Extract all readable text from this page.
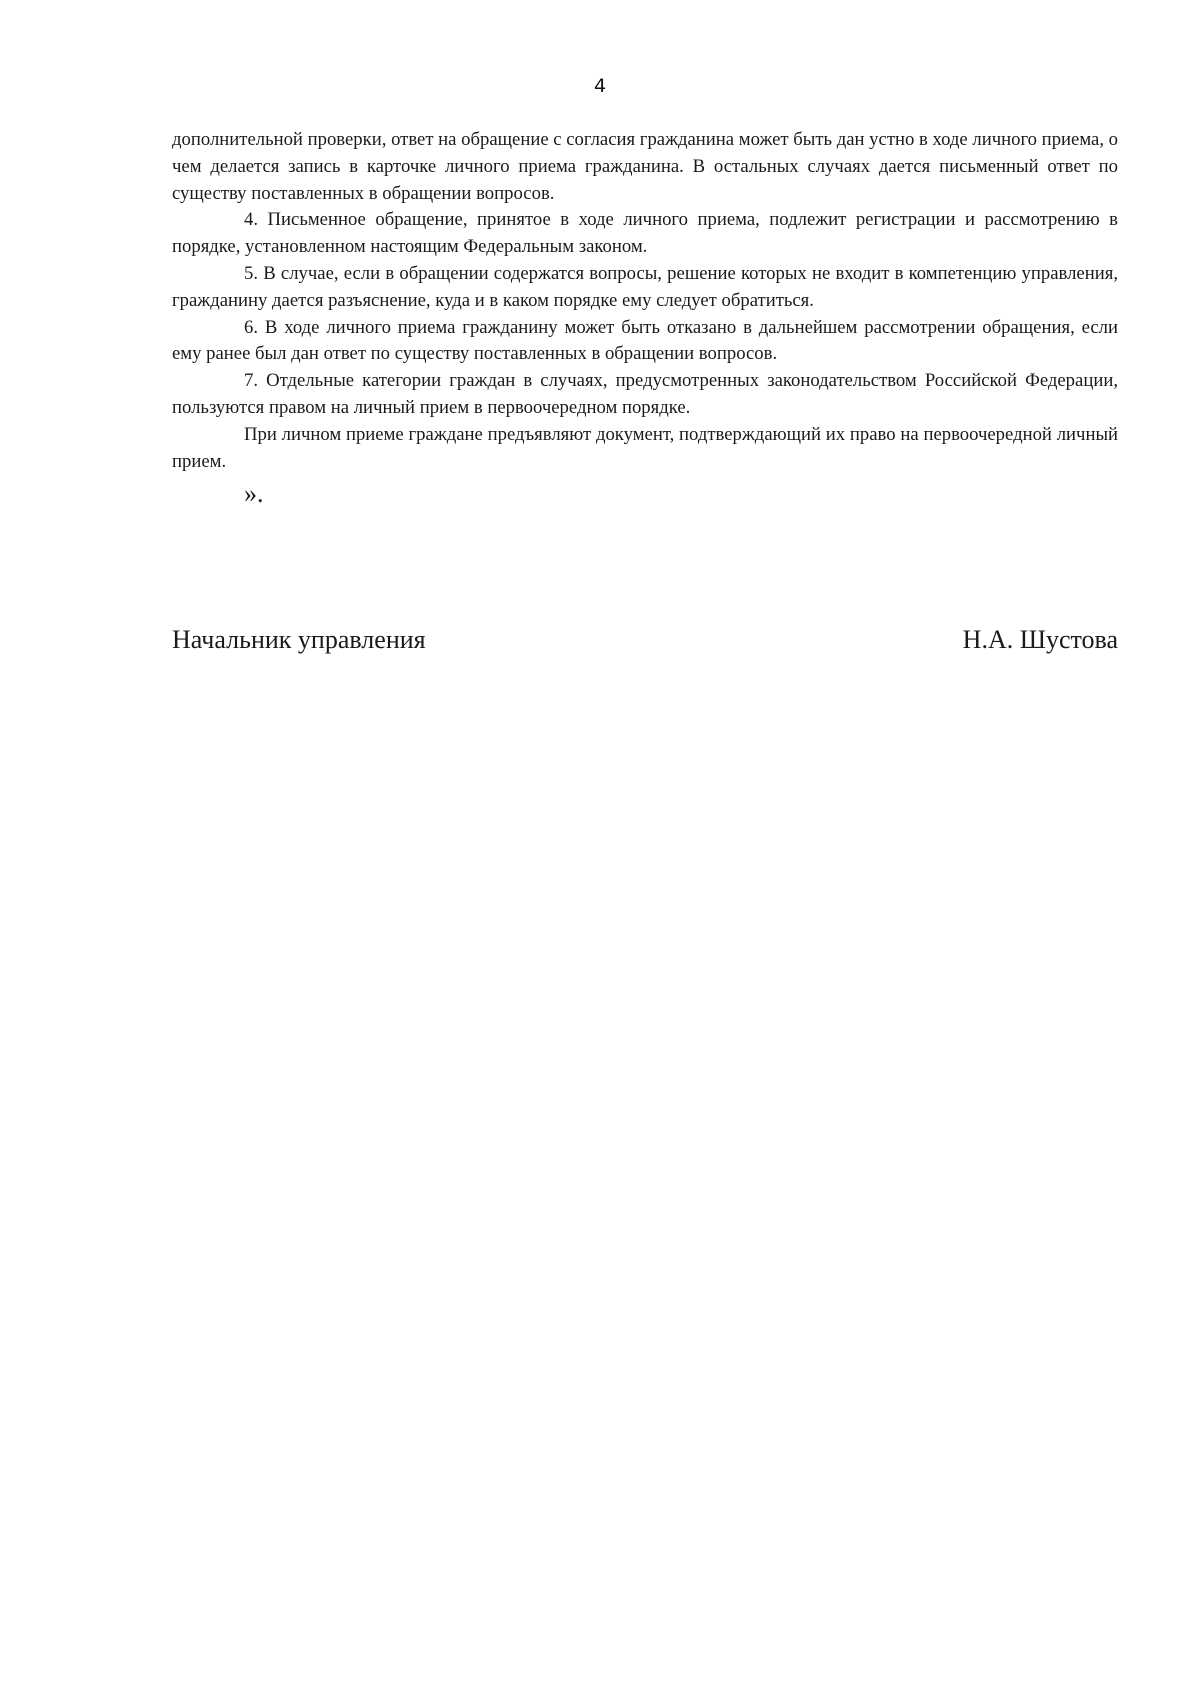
4

дополнительной проверки, ответ на обращение с согласия гражданина может быть дан устно в ходе личного приема, о чем делается запись в карточке личного приема гражданина. В остальных случаях дается письменный ответ по существу поставленных в обращении вопросов.

4. Письменное обращение, принятое в ходе личного приема, подлежит регистрации и рассмотрению в порядке, установленном настоящим Федеральным законом.

5. В случае, если в обращении содержатся вопросы, решение которых не входит в компетенцию управления, гражданину дается разъяснение, куда и в каком порядке ему следует обратиться.

6. В ходе личного приема гражданину может быть отказано в дальнейшем рассмотрении обращения, если ему ранее был дан ответ по существу поставленных в обращении вопросов.

7. Отдельные категории граждан в случаях, предусмотренных законодательством Российской Федерации, пользуются правом на личный прием в первоочередном порядке.

При личном приеме граждане предъявляют документ, подтверждающий их право на первоочередной личный прием.

».
Начальник управления	Н.А. Шустова
